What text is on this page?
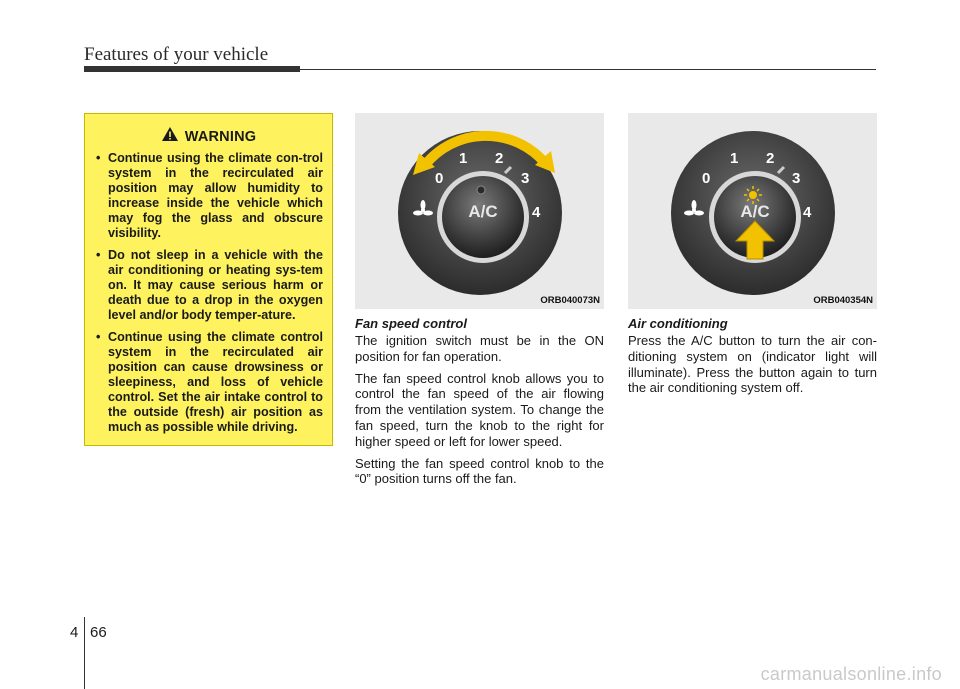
Features of your vehicle
WARNING
• Continue using the climate con-trol system in the recirculated air position may allow humidity to increase inside the vehicle which may fog the glass and obscure visibility.
• Do not sleep in a vehicle with the air conditioning or heating sys-tem on. It may cause serious harm or death due to a drop in the oxygen level and/or body temper-ature.
• Continue using the climate control system in the recirculated air position can cause drowsiness or sleepiness, and loss of vehicle control. Set the air intake control to the outside (fresh) air position as much as possible while driving.
0
1 2
3
4
A/C
ORB040073N
0
1 2
3
4
A/C
ORB040354N
Fan speed control

The ignition switch must be in the ON position for fan operation.

The fan speed control knob allows you to control the fan speed of the air flowing from the ventilation system. To change the fan speed, turn the knob to the right for higher speed or left for lower speed.

Setting the fan speed control knob to the “0” position turns off the fan.

Air conditioning

Press the A/C button to turn the air con-ditioning system on (indicator light will illuminate). Press the button again to turn the air conditioning system off.

4 66
carmanualsonline.info
